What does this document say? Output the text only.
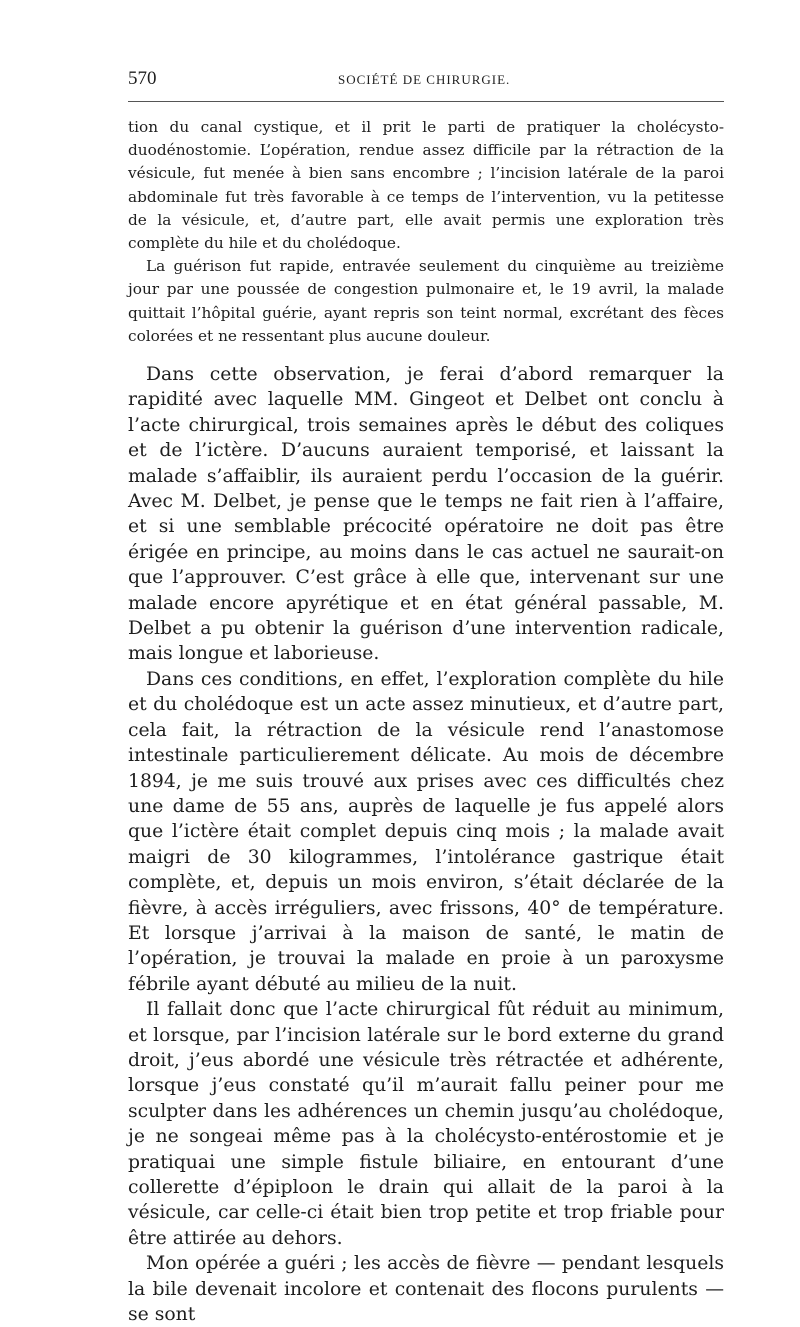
570	SOCIÉTÉ DE CHIRURGIE.

tion du canal cystique, et il prit le parti de pratiquer la cholécysto-duodénostomie. L’opération, rendue assez difficile par la rétraction de la vésicule, fut menée à bien sans encombre ; l’incision latérale de la paroi abdominale fut très favorable à ce temps de l’intervention, vu la petitesse de la vésicule, et, d’autre part, elle avait permis une exploration très complète du hile et du cholédoque.

La guérison fut rapide, entravée seulement du cinquième au treizième jour par une poussée de congestion pulmonaire et, le 19 avril, la malade quittait l’hôpital guérie, ayant repris son teint normal, excrétant des fèces colorées et ne ressentant plus aucune douleur.

Dans cette observation, je ferai d’abord remarquer la rapidité avec laquelle MM. Gingeot et Delbet ont conclu à l’acte chirurgical, trois semaines après le début des coliques et de l’ictère. D’aucuns auraient temporisé, et laissant la malade s’affaiblir, ils auraient perdu l’occasion de la guérir. Avec M. Delbet, je pense que le temps ne fait rien à l’affaire, et si une semblable précocité opératoire ne doit pas être érigée en principe, au moins dans le cas actuel ne saurait-on que l’approuver. C’est grâce à elle que, intervenant sur une malade encore apyrétique et en état général passable, M. Delbet a pu obtenir la guérison d’une intervention radicale, mais longue et laborieuse.

Dans ces conditions, en effet, l’exploration complète du hile et du cholédoque est un acte assez minutieux, et d’autre part, cela fait, la rétraction de la vésicule rend l’anastomose intestinale particulierement délicate. Au mois de décembre 1894, je me suis trouvé aux prises avec ces difficultés chez une dame de 55 ans, auprès de laquelle je fus appelé alors que l’ictère était complet depuis cinq mois ; la malade avait maigri de 30 kilogrammes, l’intolérance gastrique était complète, et, depuis un mois environ, s’était déclarée de la fièvre, à accès irréguliers, avec frissons, 40° de température. Et lorsque j’arrivai à la maison de santé, le matin de l’opération, je trouvai la malade en proie à un paroxysme fébrile ayant débuté au milieu de la nuit.

Il fallait donc que l’acte chirurgical fût réduit au minimum, et lorsque, par l’incision latérale sur le bord externe du grand droit, j’eus abordé une vésicule très rétractée et adhérente, lorsque j’eus constaté qu’il m’aurait fallu peiner pour me sculpter dans les adhérences un chemin jusqu’au cholédoque, je ne songeai même pas à la cholécysto-entérostomie et je pratiquai une simple fistule biliaire, en entourant d’une collerette d’épiploon le drain qui allait de la paroi à la vésicule, car celle-ci était bien trop petite et trop friable pour être attirée au dehors.

Mon opérée a guéri ; les accès de fièvre — pendant lesquels la bile devenait incolore et contenait des flocons purulents — se sont
